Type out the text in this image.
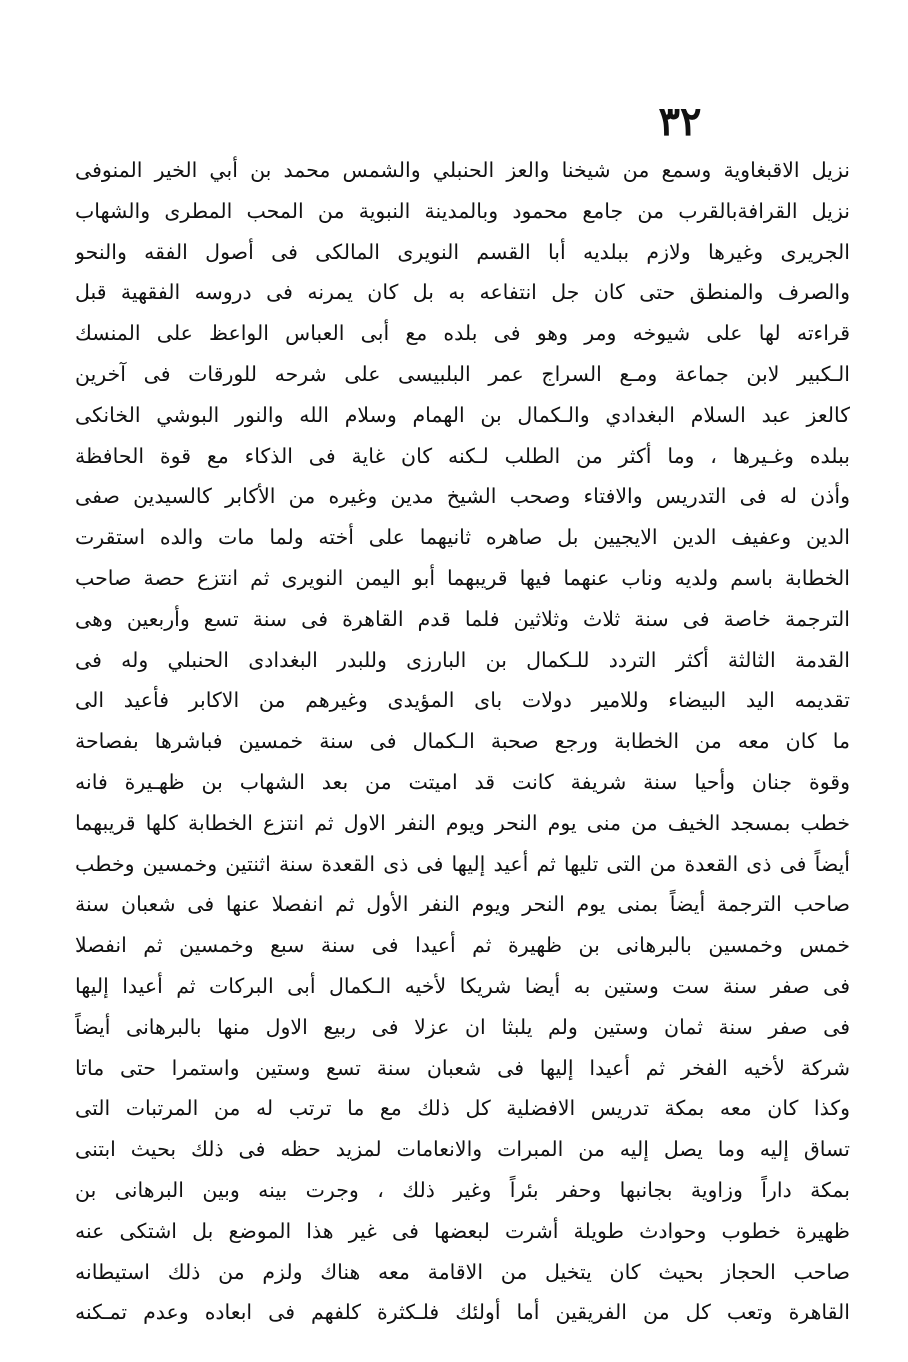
٣٢
نزيل الاقبغاوية وسمع من شيخنا والعز الحنبلي والشمس محمد بن أبي الخير المنوفى
نزيل القرافةبالقرب من جامع محمود وبالمدينة النبوية من المحب المطرى والشهاب
الجريرى وغيرها ولازم ببلديه أبا القسم النويرى المالكى فى أصول الفقه والنحو
والصرف والمنطق حتى كان جل انتفاعه به بل كان يمرنه فى دروسه الفقهية قبل
قراءته لها على شيوخه ومر وهو فى بلده مع أبى العباس الواعظ على المنسك
الـكبير لابن جماعة ومـع السراج عمر البلبيسى على شرحه للورقات فى آخرين
كالعز عبد السلام البغدادي والـكمال بن الهمام وسلام الله والنور البوشي الخانكى
ببلده وغـيرها ، وما أكثر من الطلب لـكنه كان غاية فى الذكاء مع قوة الحافظة
وأذن له فى التدريس والافتاء وصحب الشيخ مدين وغيره من الأكابر كالسيدين صفى
الدين وعفيف الدين الايجيين بل صاهره ثانيهما على أخته ولما مات والده استقرت
الخطابة باسم ولديه وناب عنهما فيها قريبهما أبو اليمن النويرى ثم انتزع حصة صاحب
الترجمة خاصة فى سنة ثلاث وثلاثين فلما قدم القاهرة فى سنة تسع وأربعين وهى
القدمة الثالثة أكثر التردد للـكمال بن البارزى وللبدر البغدادى الحنبلي وله فى
تقديمه اليد البيضاء وللامير دولات باى المؤيدى وغيرهم من الاكابر فأعيد الى
ما كان معه من الخطابة ورجع صحبة الـكمال فى سنة خمسين فباشرها بفصاحة
وقوة جنان وأحيا سنة شريفة كانت قد اميتت من بعد الشهاب بن ظهـيرة فانه
خطب بمسجد الخيف من منى يوم النحر ويوم النفر الاول ثم انتزع الخطابة كلها قريبهما
أيضاً فى ذى القعدة من التى تليها ثم أعيد إليها فى ذى القعدة سنة اثنتين وخمسين وخطب
صاحب الترجمة أيضاً بمنى يوم النحر ويوم النفر الأول ثم انفصلا عنها فى شعبان سنة
خمس وخمسين بالبرهانى بن ظهيرة ثم أعيدا فى سنة سبع وخمسين ثم انفصلا
فى صفر سنة ست وستين به أيضا شريكا لأخيه الـكمال أبى البركات ثم أعيدا إليها
فى صفر سنة ثمان وستين ولم يلبثا ان عزلا فى ربيع الاول منها بالبرهانى أيضاً
شركة لأخيه الفخر ثم أعيدا إليها فى شعبان سنة تسع وستين واستمرا حتى ماتا
وكذا كان معه بمكة تدريس الافضلية كل ذلك مع ما ترتب له من المرتبات التى
تساق إليه وما يصل إليه من المبرات والانعامات لمزيد حظه فى ذلك بحيث ابتنى
بمكة داراً وزاوية بجانبها وحفر بئراً وغير ذلك ، وجرت بينه وبين البرهانى بن
ظهيرة خطوب وحوادث طويلة أشرت لبعضها فى غير هذا الموضع بل اشتكى عنه
صاحب الحجاز بحيث كان يتخيل من الاقامة معه هناك ولزم من ذلك استيطانه
القاهرة وتعب كل من الفريقين أما أولئك فلـكثرة كلفهم فى ابعاده وعدم تمـكنه
